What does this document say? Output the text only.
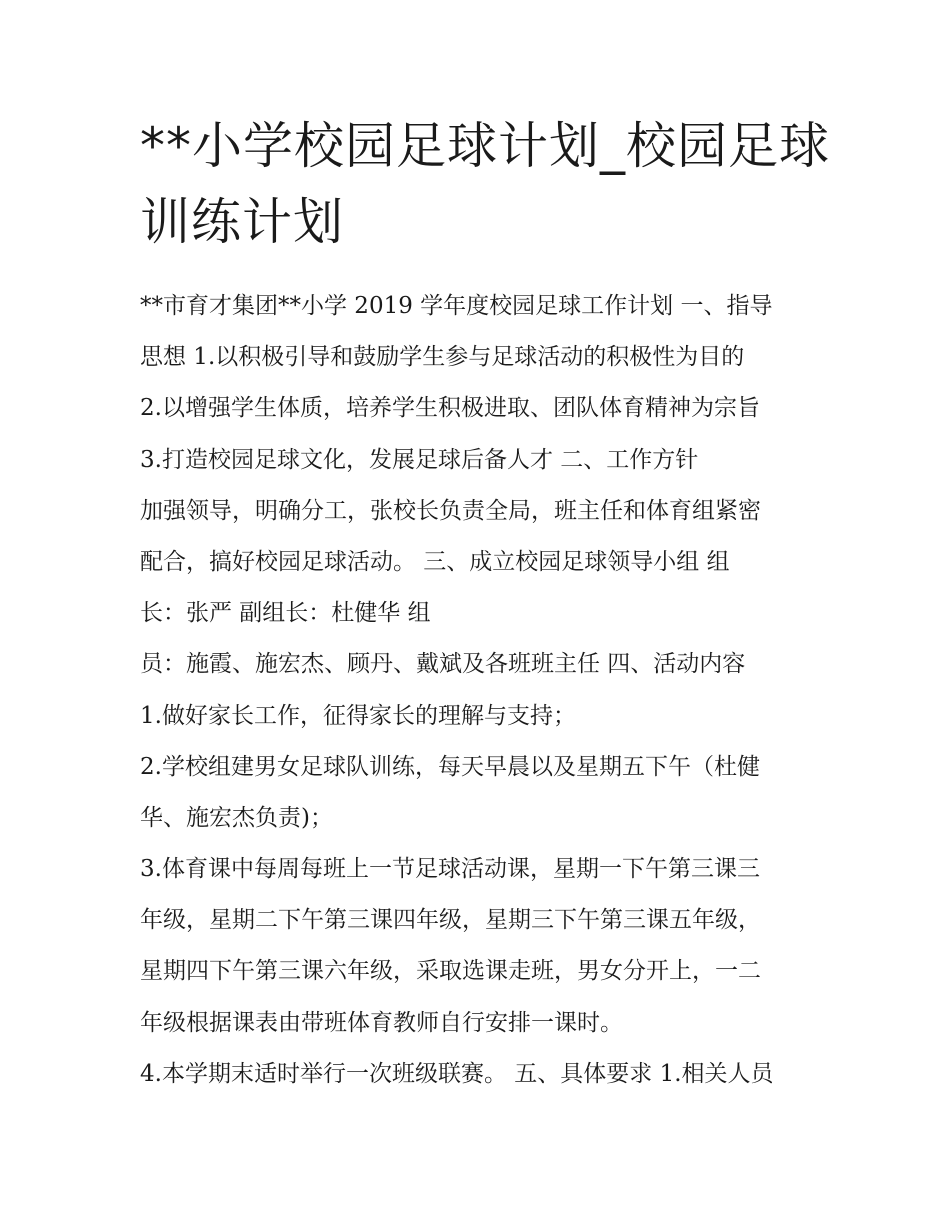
**小学校园足球计划_校园足球
训练计划
**市育才集团**小学 2019 学年度校园足球工作计划 一、指导
思想 1.以积极引导和鼓励学生参与足球活动的积极性为目的
2.以增强学生体质，培养学生积极进取、团队体育精神为宗旨
3.打造校园足球文化，发展足球后备人才 二、工作方针
加强领导，明确分工，张校长负责全局，班主任和体育组紧密
配合，搞好校园足球活动。 三、成立校园足球领导小组 组
长：张严 副组长：杜健华 组
员：施霞、施宏杰、顾丹、戴斌及各班班主任 四、活动内容
1.做好家长工作，征得家长的理解与支持；
2.学校组建男女足球队训练，每天早晨以及星期五下午（杜健
华、施宏杰负责)；
3.体育课中每周每班上一节足球活动课，星期一下午第三课三
年级，星期二下午第三课四年级，星期三下午第三课五年级，
星期四下午第三课六年级，采取选课走班，男女分开上，一二
年级根据课表由带班体育教师自行安排一课时。
4.本学期末适时举行一次班级联赛。 五、具体要求 1.相关人员
